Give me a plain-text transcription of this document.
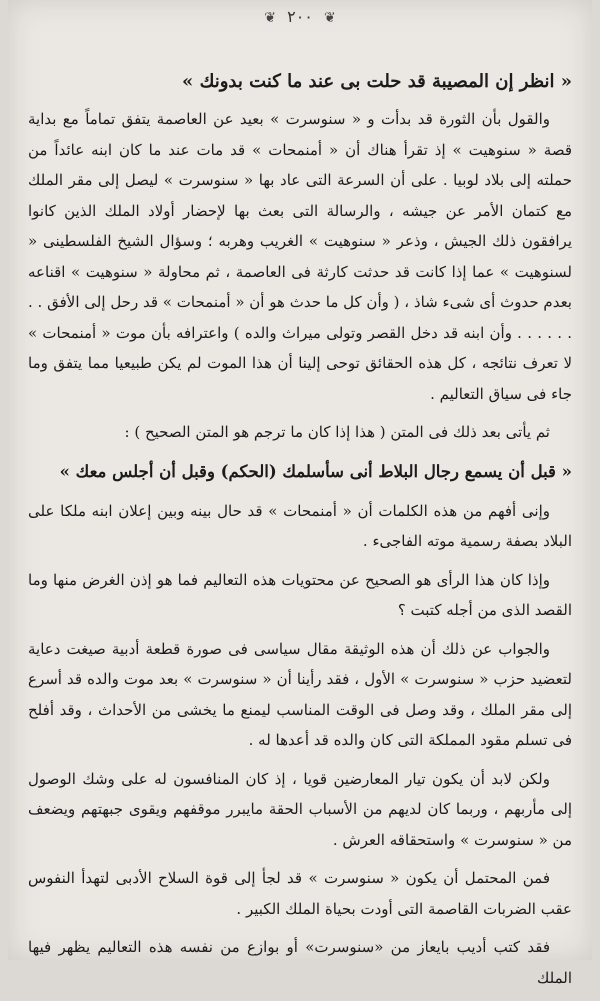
❦ ٢٠٠ ❦

« انظر إن المصيبة قد حلت بى عند ما كنت بدونك »

والقول بأن الثورة قد بدأت و « سنوسرت » بعيد عن العاصمة يتفق تماماً مع بداية قصة « سنوهيت » إذ تقرأ هناك أن « أمنمحات » قد مات عند ما كان ابنه عائداً من حملته إلى بلاد لوبيا . على أن السرعة التى عاد بها « سنوسرت » ليصل إلى مقر الملك مع كتمان الأمر عن جيشه ، والرسالة التى بعث بها لإحضار أولاد الملك الذين كانوا يرافقون ذلك الجيش ، وذعر « سنوهيت » الغريب وهربه ؛ وسؤال الشيخ الفلسطينى « لسنوهيت » عما إذا كانت قد حدثت كارثة فى العاصمة ، ثم محاولة « سنوهيت » اقناعه بعدم حدوث أى شىء شاذ ، ( وأن كل ما حدث هو أن « أمنمحات » قد رحل إلى الأفق . . . . . . . . وأن ابنه قد دخل القصر وتولى ميراث والده ) واعترافه بأن موت « أمنمحات » لا تعرف نتائجه ، كل هذه الحقائق توحى إلينا أن هذا الموت لم يكن طبيعيا مما يتفق وما جاء فى سياق التعاليم .

ثم يأتى بعد ذلك فى المتن ( هذا إذا كان ما ترجم هو المتن الصحيح ) :

« قبل أن يسمع رجال البلاط أنى سأسلمك (الحكم) وقبل أن أجلس معك »

وإنى أفهم من هذه الكلمات أن « أمنمحات » قد حال بينه وبين إعلان ابنه ملكا على البلاد بصفة رسمية موته الفاجىء .

وإذا كان هذا الرأى هو الصحيح عن محتويات هذه التعاليم فما هو إذن الغرض منها وما القصد الذى من أجله كتبت ؟

والجواب عن ذلك أن هذه الوثيقة مقال سياسى فى صورة قطعة أدبية صيغت دعاية لتعضيد حزب « سنوسرت » الأول ، فقد رأينا أن « سنوسرت » بعد موت والده قد أسرع إلى مقر الملك ، وقد وصل فى الوقت المناسب ليمنع ما يخشى من الأحداث ، وقد أفلح فى تسلم مقود المملكة التى كان والده قد أعدها له .

ولكن لابد أن يكون تيار المعارضين قويا ، إذ كان المنافسون له على وشك الوصول إلى مأربهم ، وربما كان لديهم من الأسباب الحقة مايبرر موقفهم ويقوى جبهتهم ويضعف من « سنوسرت » واستحقاقه العرش .

فمن المحتمل أن يكون « سنوسرت » قد لجأ إلى قوة السلاح الأدبى لتهدأ النفوس عقب الضربات القاصمة التى أودت بحياة الملك الكبير .

فقد كتب أديب بايعاز من «سنوسرت» أو بوازع من نفسه هذه التعاليم يظهر فيها الملك
